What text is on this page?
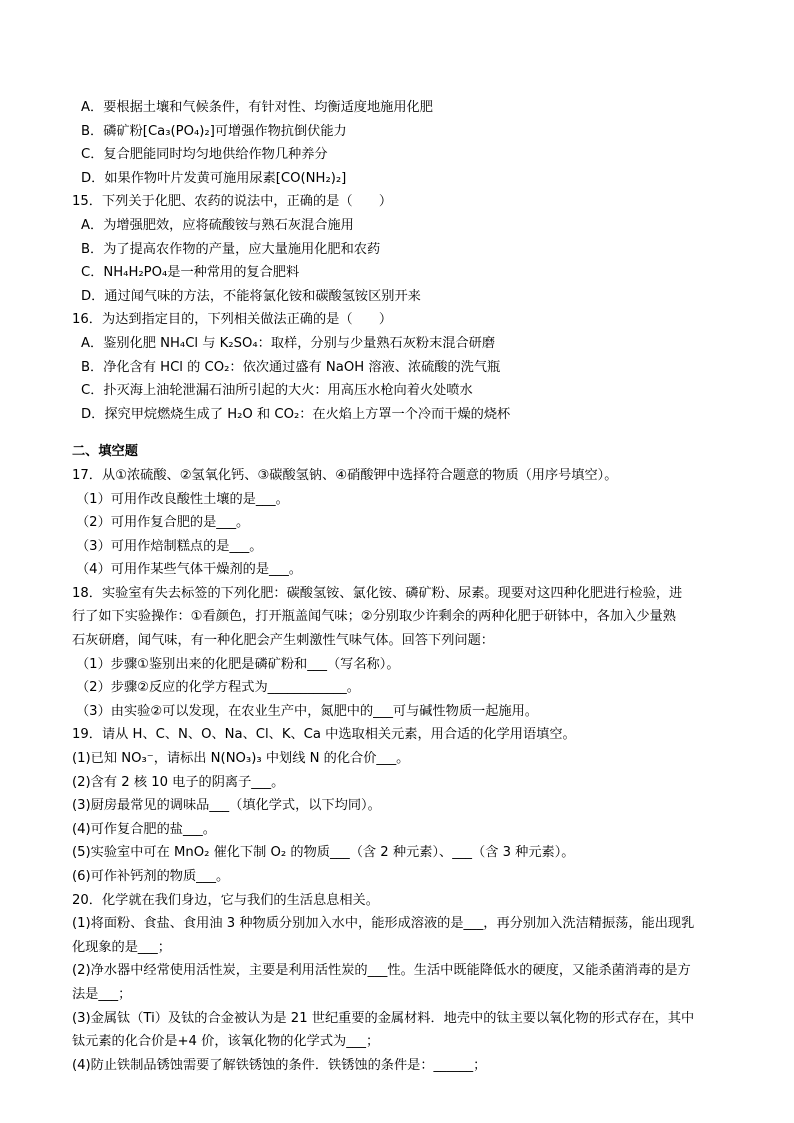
A．要根据土壤和气候条件，有针对性、均衡适度地施用化肥
B．磷矿粉[Ca₃(PO₄)₂]可增强作物抗倒伏能力
C．复合肥能同时均匀地供给作物几种养分
D．如果作物叶片发黄可施用尿素[CO(NH₂)₂]
15．下列关于化肥、农药的说法中，正确的是（　　）
A．为增强肥效，应将硫酸铵与熟石灰混合施用
B．为了提高农作物的产量，应大量施用化肥和农药
C．NH₄H₂PO₄是一种常用的复合肥料
D．通过闻气味的方法，不能将氯化铵和碳酸氢铵区别开来
16．为达到指定目的，下列相关做法正确的是（　　）
A．鉴别化肥 NH₄Cl 与 K₂SO₄：取样，分别与少量熟石灰粉末混合研磨
B．净化含有 HCl 的 CO₂：依次通过盛有 NaOH 溶液、浓硫酸的洗气瓶
C．扑灭海上油轮泄漏石油所引起的大火：用高压水枪向着火处喷水
D．探究甲烷燃烧生成了 H₂O 和 CO₂：在火焰上方罩一个冷而干燥的烧杯
二、填空题
17．从①浓硫酸、②氢氧化钙、③碳酸氢钠、④硝酸钾中选择符合题意的物质（用序号填空）。
（1）可用作改良酸性土壤的是___。
（2）可用作复合肥的是___。
（3）可用作焙制糕点的是___。
（4）可用作某些气体干燥剂的是___。
18．实验室有失去标签的下列化肥：碳酸氢铵、氯化铵、磷矿粉、尿素。现要对这四种化肥进行检验，进
行了如下实验操作：①看颜色，打开瓶盖闻气味；②分别取少许剩余的两种化肥于研钵中，各加入少量熟
石灰研磨，闻气味，有一种化肥会产生刺激性气味气体。回答下列问题：
（1）步骤①鉴别出来的化肥是磷矿粉和___（写名称）。
（2）步骤②反应的化学方程式为____________。
（3）由实验②可以发现，在农业生产中，氮肥中的___可与碱性物质一起施用。
19．请从 H、C、N、O、Na、Cl、K、Ca 中选取相关元素，用合适的化学用语填空。
(1)已知 NO₃⁻，请标出 N(NO₃)₃ 中划线 N 的化合价___。
(2)含有 2 核 10 电子的阴离子___。
(3)厨房最常见的调味品___（填化学式，以下均同）。
(4)可作复合肥的盐___。
(5)实验室中可在 MnO₂ 催化下制 O₂ 的物质___（含 2 种元素）、___（含 3 种元素）。
(6)可作补钙剂的物质___。
20．化学就在我们身边，它与我们的生活息息相关。
(1)将面粉、食盐、食用油 3 种物质分别加入水中，能形成溶液的是___，再分别加入洗洁精振荡，能出现乳
化现象的是___；
(2)净水器中经常使用活性炭，主要是利用活性炭的___性。生活中既能降低水的硬度，又能杀菌消毒的是方
法是___；
(3)金属钛（Ti）及钛的合金被认为是 21 世纪重要的金属材料．地壳中的钛主要以氧化物的形式存在，其中
钛元素的化合价是+4 价，该氧化物的化学式为___；
(4)防止铁制品锈蚀需要了解铁锈蚀的条件．铁锈蚀的条件是：______；
